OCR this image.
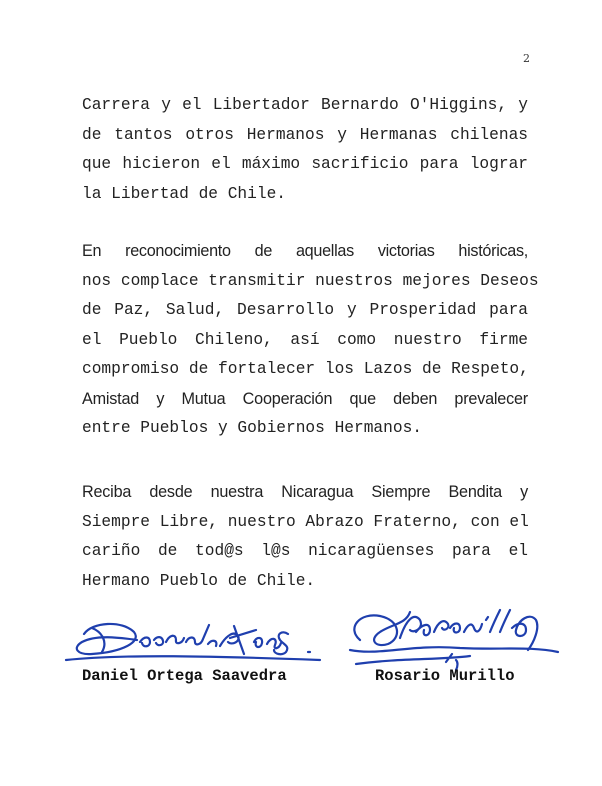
2
Carrera y el Libertador Bernardo O'Higgins, y
de tantos otros Hermanos y Hermanas chilenas
que hicieron el máximo sacrificio para lograr
la Libertad de Chile.
En reconocimiento de aquellas victorias históricas,
nos complace transmitir nuestros mejores Deseos
de Paz, Salud, Desarrollo y Prosperidad para
el Pueblo Chileno, así como nuestro firme
compromiso de fortalecer los Lazos de Respeto,
Amistad y Mutua Cooperación que deben prevalecer
entre Pueblos y Gobiernos Hermanos.
Reciba desde nuestra Nicaragua Siempre Bendita y
Siempre Libre, nuestro Abrazo Fraterno, con el
cariño de tod@s l@s nicaragüenses para el
Hermano Pueblo de Chile.
Daniel Ortega Saavedra	Rosario Murillo
